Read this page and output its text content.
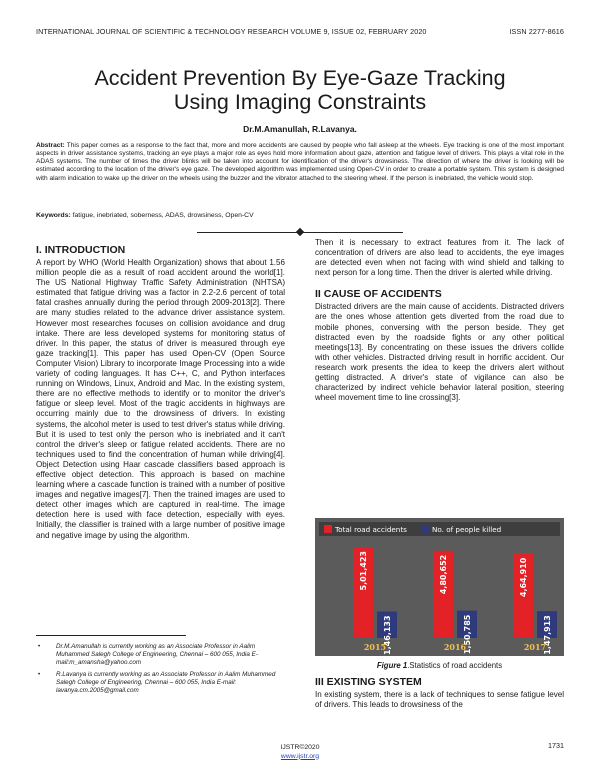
INTERNATIONAL JOURNAL OF SCIENTIFIC & TECHNOLOGY RESEARCH VOLUME 9, ISSUE 02, FEBRUARY 2020	ISSN 2277-8616
Accident Prevention By Eye-Gaze Tracking
Using Imaging Constraints
Dr.M.Amanullah, R.Lavanya.

Abstract: This paper comes as a response to the fact that, more and more accidents are caused by people who fall asleep at the wheels. Eye tracking is one of the most important aspects in driver assistance systems, tracking an eye plays a major role as eyes hold more information about gaze, attention and fatigue level of drivers. This plays a vital role in the ADAS systems. The number of times the driver blinks will be taken into account for identification of the driver's drowsiness. The direction of where the driver is looking will be estimated according to the location of the driver's eye gaze. The developed algorithm was implemented using Open-CV in order to create a portable system. This system is designed with alarm indication to wake up the driver on the wheels using the buzzer and the vibrator attached to the steering wheel. If the person is inebriated, the vehicle would stop.

Keywords: fatigue, inebriated, soberness, ADAS, drowsiness, Open-CV

I. INTRODUCTION

A report by WHO (World Health Organization) shows that about 1.56 million people die as a result of road accident around the world[1]. The US National Highway Traffic Safety Administration (NHTSA) estimated that fatigue driving was a factor in 2.2-2.6 percent of total fatal crashes annually during the period through 2009-2013[2]. There are many studies related to the advance driver assistance system. However most researches focuses on collision avoidance and drug intake. There are less developed systems for monitoring status of driver. In this paper, the status of driver is measured through eye gaze tracking[1]. This paper has used Open-CV (Open Source Computer Vision) Library to incorporate Image Processing into a wide variety of coding languages. It has C++, C, and Python interfaces running on Windows, Linux, Android and Mac. In the existing system, there are no effective methods to identify or to monitor the driver's fatigue or sleep level. Most of the tragic accidents in highways are occurring mainly due to the drowsiness of drivers. In existing systems, the alcohol meter is used to test driver's status while driving. But it is used to test only the person who is inebriated and it can't control the driver's sleep or fatigue related accidents. There are no techniques used to find the concentration of human while driving[4]. Object Detection using Haar cascade classifiers based approach is effective object detection. This approach is based on machine learning where a cascade function is trained with a number of positive images and negative images[7]. Then the trained images are used to detect other images which are captured in real-time. The image detection here is used with face detection, especially with eyes. Initially, the classifier is trained with a large number of positive image and negative image by using the algorithm.

•	Dr.M.Amanullah is currently working as an Associate Professor in Aalim Muhammed Salegh College of Engineering, Chennai – 600 055, India E-mail:m_amansha@yahoo.com
•	R.Lavanya is currently working as an Associate Professor in Aalim Muhammed Salegh College of Engineering, Chennai – 600 055, India E-mail: lavanya.cm.2005@gmail.com

Then it is necessary to extract features from it. The lack of concentration of drivers are also lead to accidents, the eye images are detected even when not facing with wind shield and talking to next person for a long time. Then the driver is alerted while driving.

II CAUSE OF ACCIDENTS

Distracted drivers are the main cause of accidents. Distracted drivers are the ones whose attention gets diverted from the road due to mobile phones, conversing with the person beside. They get distracted even by the roadside fights or any other political meetings[13]. By concentrating on these issues the drivers collide with other vehicles. Distracted driving result in horrific accident. Our research work presents the idea to keep the drivers alert without getting distracted. A driver's state of vigilance can also be characterized by indirect vehicle behavior lateral position, steering wheel movement time to line crossing[3].

Total road accidents	No. of people killed
5,01,423
1,46,133
2015
4,80,652
1,50,785
2016
4,64,910
1,47,913
2017
Figure 1.Statistics of road accidents
III EXISTING SYSTEM

In existing system, there is a lack of techniques to sense fatigue level of drivers. This leads to drowsiness of the

IJSTR©2020
www.ijstr.org
1731
